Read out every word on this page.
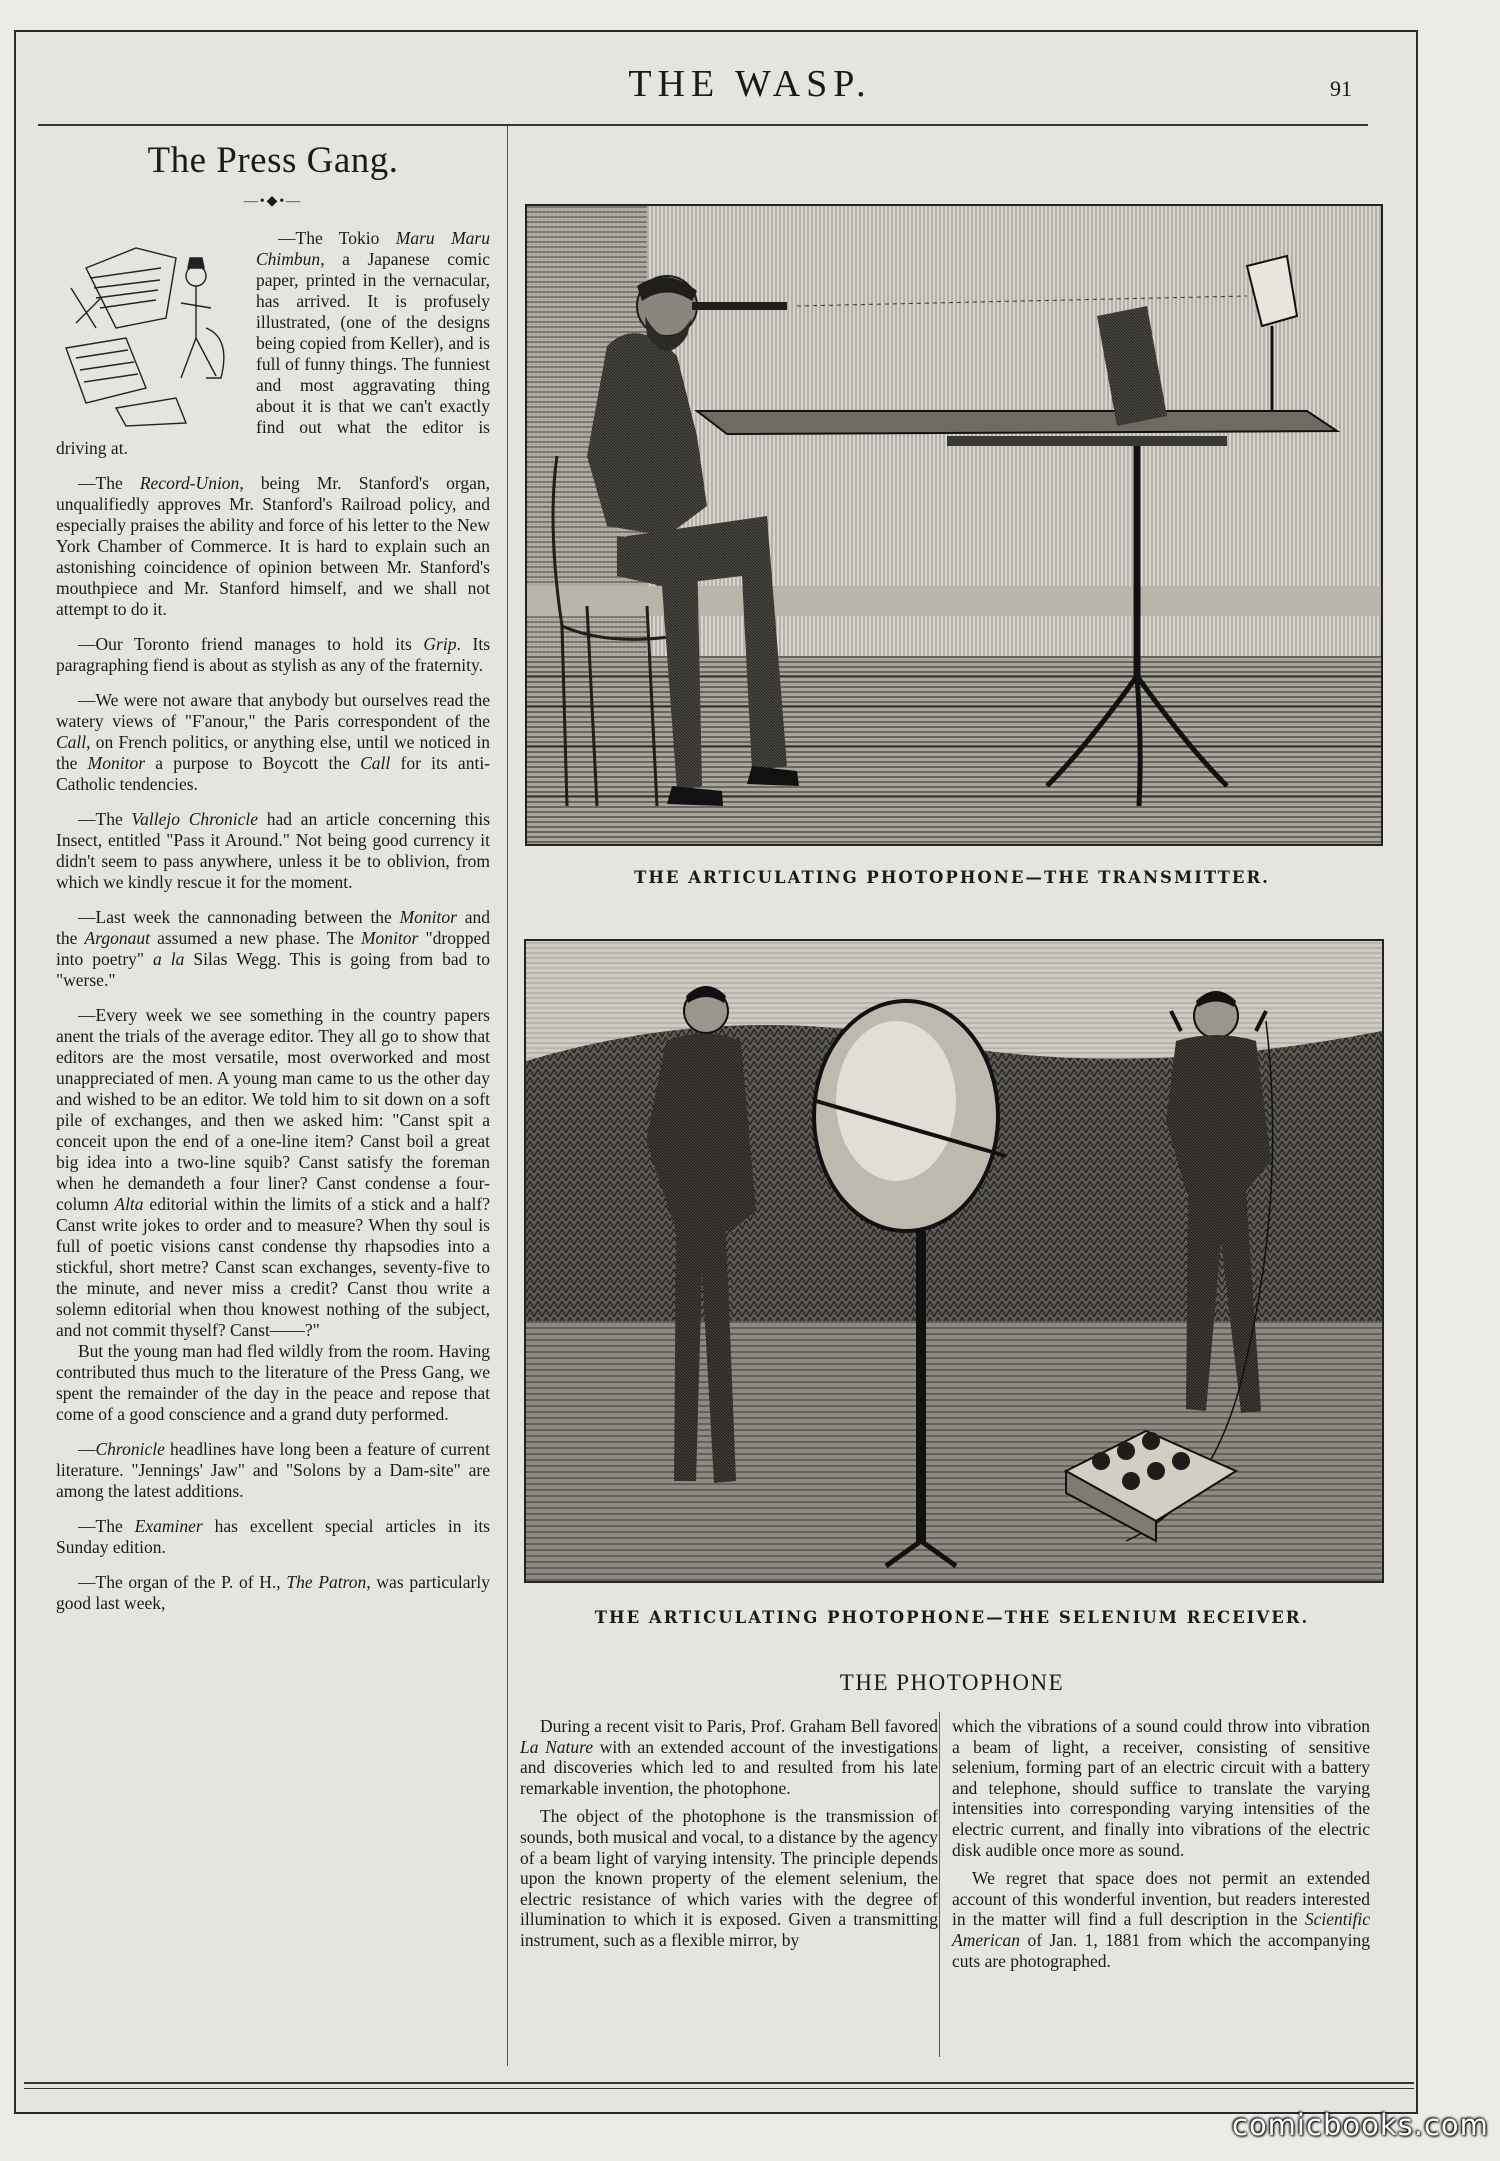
THE WASP.	91
The Press Gang.
—•◆•—

—The Tokio Maru Maru Chimbun, a Japanese comic paper, printed in the vernacular, has arrived. It is profusely illustrated, (one of the designs being copied from Keller), and is full of funny things. The funniest and most aggravating thing about it is that we can't exactly find out what the editor is driving at.

—The Record-Union, being Mr. Stanford's organ, unqualifiedly approves Mr. Stanford's Railroad policy, and especially praises the ability and force of his letter to the New York Chamber of Commerce. It is hard to explain such an astonishing coincidence of opinion between Mr. Stanford's mouthpiece and Mr. Stanford himself, and we shall not attempt to do it.

—Our Toronto friend manages to hold its Grip. Its paragraphing fiend is about as stylish as any of the fraternity.

—We were not aware that anybody but ourselves read the watery views of "F'anour," the Paris correspondent of the Call, on French politics, or anything else, until we noticed in the Monitor a purpose to Boycott the Call for its anti-Catholic tendencies.

—The Vallejo Chronicle had an article concerning this Insect, entitled "Pass it Around." Not being good currency it didn't seem to pass anywhere, unless it be to oblivion, from which we kindly rescue it for the moment.

—Last week the cannonading between the Monitor and the Argonaut assumed a new phase. The Monitor "dropped into poetry" a la Silas Wegg. This is going from bad to "werse."

—Every week we see something in the country papers anent the trials of the average editor. They all go to show that editors are the most versatile, most overworked and most unappreciated of men. A young man came to us the other day and wished to be an editor. We told him to sit down on a soft pile of exchanges, and then we asked him: "Canst spit a conceit upon the end of a one-line item? Canst boil a great big idea into a two-line squib? Canst satisfy the foreman when he demandeth a four liner? Canst condense a four-column Alta editorial within the limits of a stick and a half? Canst write jokes to order and to measure? When thy soul is full of poetic visions canst condense thy rhapsodies into a stickful, short metre? Canst scan exchanges, seventy-five to the minute, and never miss a credit? Canst thou write a solemn editorial when thou knowest nothing of the subject, and not commit thyself? Canst——?"

But the young man had fled wildly from the room. Having contributed thus much to the literature of the Press Gang, we spent the remainder of the day in the peace and repose that come of a good conscience and a grand duty performed.

—Chronicle headlines have long been a feature of current literature. "Jennings' Jaw" and "Solons by a Dam-site" are among the latest additions.

—The Examiner has excellent special articles in its Sunday edition.

—The organ of the P. of H., The Patron, was particularly good last week,

THE ARTICULATING PHOTOPHONE—THE TRANSMITTER.
THE ARTICULATING PHOTOPHONE—THE SELENIUM RECEIVER.
THE PHOTOPHONE

During a recent visit to Paris, Prof. Graham Bell favored La Nature with an extended account of the investigations and discoveries which led to and resulted from his late remarkable invention, the photophone.

The object of the photophone is the transmission of sounds, both musical and vocal, to a distance by the agency of a beam light of varying intensity. The principle depends upon the known property of the element selenium, the electric resistance of which varies with the degree of illumination to which it is exposed. Given a transmitting instrument, such as a flexible mirror, by

which the vibrations of a sound could throw into vibration a beam of light, a receiver, consisting of sensitive selenium, forming part of an electric circuit with a battery and telephone, should suffice to translate the varying intensities into corresponding varying intensities of the electric current, and finally into vibrations of the electric disk audible once more as sound.

We regret that space does not permit an extended account of this wonderful invention, but readers interested in the matter will find a full description in the Scientific American of Jan. 1, 1881 from which the accompanying cuts are photographed.

comicbooks.com
